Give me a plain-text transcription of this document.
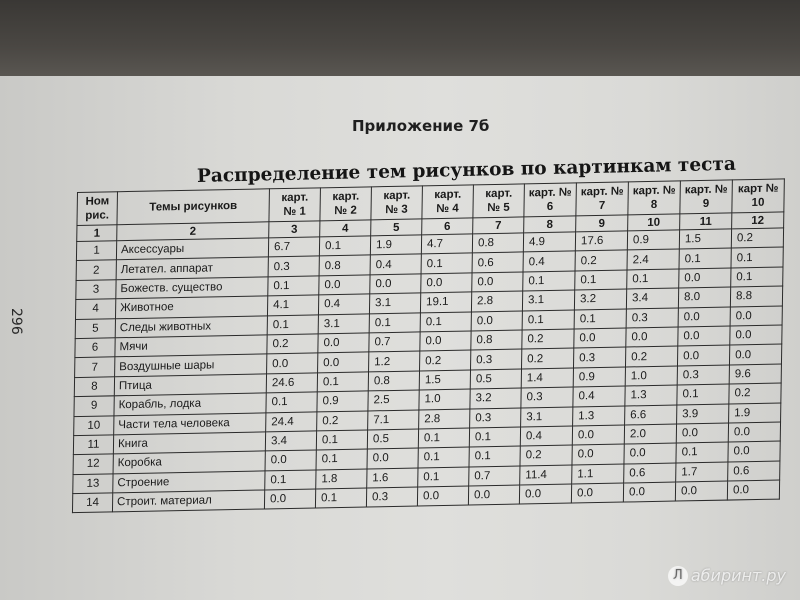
296
Приложение 7б
Распределение тем рисунков по картинкам теста
Ном рис.	Темы рисунков	карт. № 1	карт. № 2	карт. № 3	карт. № 4	карт. № 5	карт. № 6	карт. № 7	карт. № 8	карт. № 9	карт № 10
1	2	3	4	5	6	7	8	9	10	11	12
1	Аксессуары	6.7	0.1	1.9	4.7	0.8	4.9	17.6	0.9	1.5	0.2
2	Летател. аппарат	0.3	0.8	0.4	0.1	0.6	0.4	0.2	2.4	0.1	0.1
3	Божеств. существо	0.1	0.0	0.0	0.0	0.0	0.1	0.1	0.1	0.0	0.1
4	Животное	4.1	0.4	3.1	19.1	2.8	3.1	3.2	3.4	8.0	8.8
5	Следы животных	0.1	3.1	0.1	0.1	0.0	0.1	0.1	0.3	0.0	0.0
6	Мячи	0.2	0.0	0.7	0.0	0.8	0.2	0.0	0.0	0.0	0.0
7	Воздушные шары	0.0	0.0	1.2	0.2	0.3	0.2	0.3	0.2	0.0	0.0
8	Птица	24.6	0.1	0.8	1.5	0.5	1.4	0.9	1.0	0.3	9.6
9	Корабль, лодка	0.1	0.9	2.5	1.0	3.2	0.3	0.4	1.3	0.1	0.2
10	Части тела человека	24.4	0.2	7.1	2.8	0.3	3.1	1.3	6.6	3.9	1.9
11	Книга	3.4	0.1	0.5	0.1	0.1	0.4	0.0	2.0	0.0	0.0
12	Коробка	0.0	0.1	0.0	0.1	0.1	0.2	0.0	0.0	0.1	0.0
13	Строение	0.1	1.8	1.6	0.1	0.7	11.4	1.1	0.6	1.7	0.6
14	Строит. материал	0.0	0.1	0.3	0.0	0.0	0.0	0.0	0.0	0.0	0.0
Л абиринт.ру
